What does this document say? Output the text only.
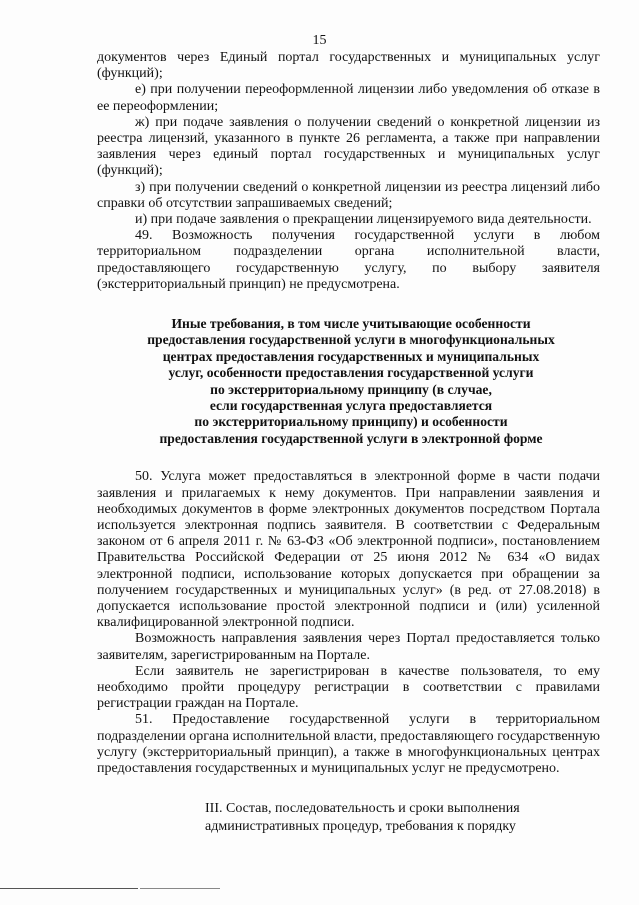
15

документов через Единый портал государственных и муниципальных услуг (функций);

е) при получении переоформленной лицензии либо уведомления об отказе в ее переоформлении;

ж) при подаче заявления о получении сведений о конкретной лицензии из реестра лицензий, указанного в пункте 26 регламента, а также при направлении заявления через единый портал государственных и муниципальных услуг (функций);

з) при получении сведений о конкретной лицензии из реестра лицензий либо справки об отсутствии запрашиваемых сведений;

и) при подаче заявления о прекращении лицензируемого вида деятельности.

49. Возможность получения государственной услуги в любом территориальном подразделении органа исполнительной власти, предоставляющего государственную услугу, по выбору заявителя (экстерриториальный принцип) не предусмотрена.

Иные требования, в том числе учитывающие особенности
предоставления государственной услуги в многофункциональных
центрах предоставления государственных и муниципальных
услуг, особенности предоставления государственной услуги
по экстерриториальному принципу (в случае,
если государственная услуга предоставляется
по экстерриториальному принципу) и особенности
предоставления государственной услуги в электронной форме

50. Услуга может предоставляться в электронной форме в части подачи заявления и прилагаемых к нему документов. При направлении заявления и необходимых документов в форме электронных документов посредством Портала используется электронная подпись заявителя. В соответствии с Федеральным законом от 6 апреля 2011 г. № 63-ФЗ «Об электронной подписи», постановлением Правительства Российской Федерации от 25 июня 2012 № 634 «О видах электронной подписи, использование которых допускается при обращении за получением государственных и муниципальных услуг» (в ред. от 27.08.2018) в допускается использование простой электронной подписи и (или) усиленной квалифицированной электронной подписи.

Возможность направления заявления через Портал предоставляется только заявителям, зарегистрированным на Портале.

Если заявитель не зарегистрирован в качестве пользователя, то ему необходимо пройти процедуру регистрации в соответствии с правилами регистрации граждан на Портале.

51. Предоставление государственной услуги в территориальном подразделении органа исполнительной власти, предоставляющего государственную услугу (экстерриториальный принцип), а также в многофункциональных центрах предоставления государственных и муниципальных услуг не предусмотрено.

III. Состав, последовательность и сроки выполнения
административных процедур, требования к порядку
